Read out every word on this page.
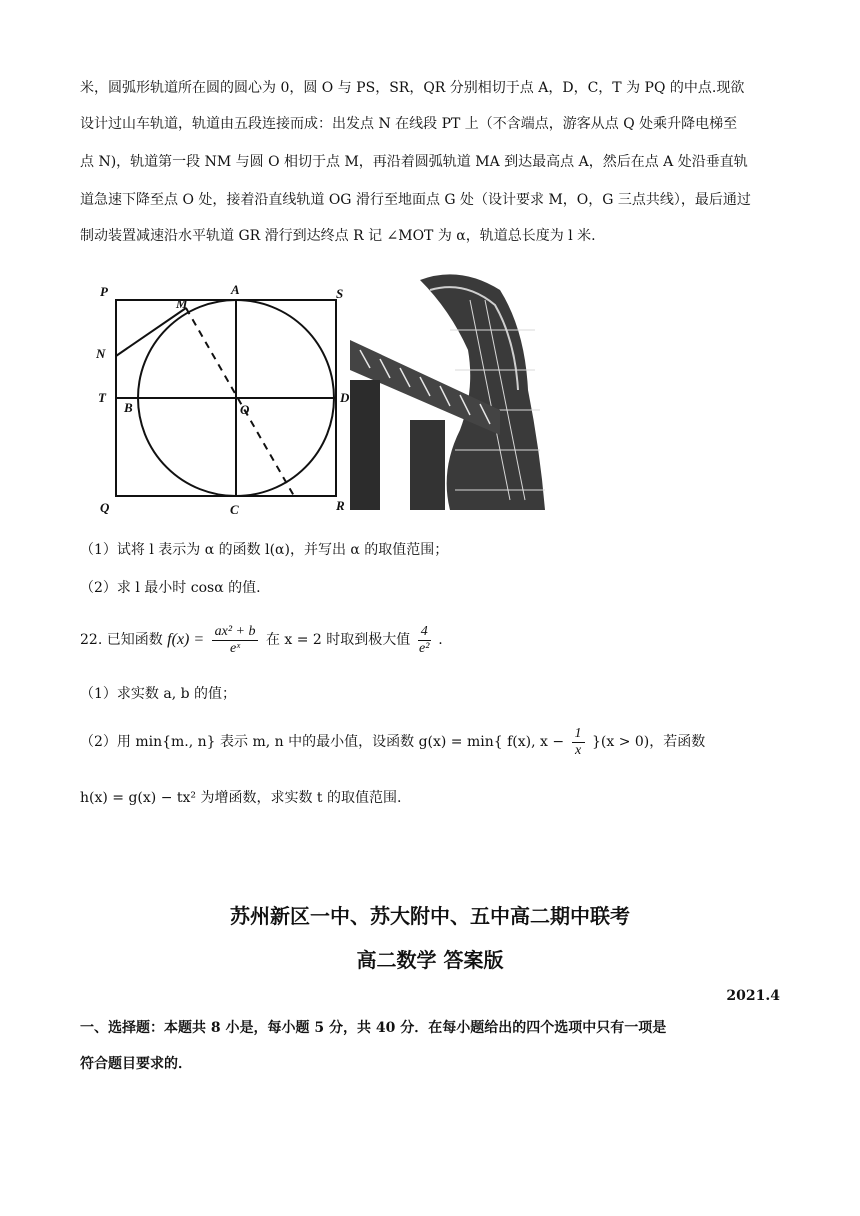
米，圆弧形轨道所在圆的圆心为 0，圆 O 与 PS，SR，QR 分别相切于点 A，D，C，T 为 PQ 的中点.现欲
设计过山车轨道，轨道由五段连接而成：出发点 N 在线段 PT 上（不含端点，游客从点 Q 处乘升降电梯至
点 N)，轨道第一段 NM 与圆 O 相切于点 M，再沿着圆弧轨道 MA 到达最高点 A，然后在点 A 处沿垂直轨
道急速下降至点 O 处，接着沿直线轨道 OG 滑行至地面点 G 处（设计要求 M，O，G 三点共线），最后通过
制动装置减速沿水平轨道 GR 滑行到达终点 R 记 ∠MOT 为 α，轨道总长度为 l 米.
P	A	S
M
N
T
B	O
D
Q	C	R
（1）试将 l 表示为 α 的函数 l(α)，并写出 α 的取值范围；
（2）求 l 最小时 cosα 的值.
22. 已知函数 $f(x) = \frac{\text{ax² + b}}{\text{eˣ}}$ 在 x = 2 时取到极大值 $\frac{4}{\text{e²}}$ .
（1）求实数 a, b 的值；
（2）用 min{m., n} 表示 m, n 中的最小值，设函数 g(x) = min{ f(x), $x - \frac{1}{x} \}(x > 0)$，若函数
h(x) = g(x) − tx² 为增函数，求实数 t 的取值范围.
苏州新区一中、苏大附中、五中高二期中联考
高二数学 答案版
2021.4
一、选择题：本题共 8 小是，每小题 5 分，共 40 分．在每小题给出的四个选项中只有一项是
符合题目要求的．
